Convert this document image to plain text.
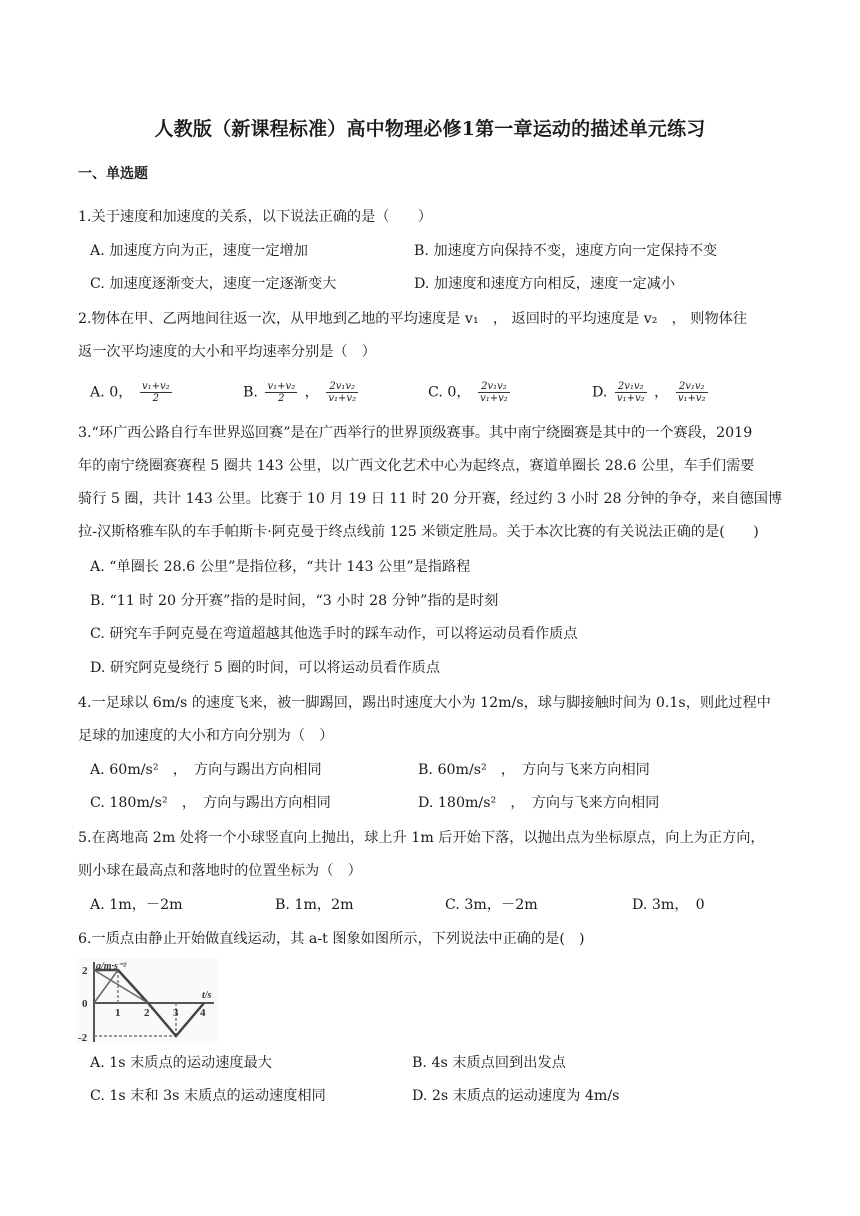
人教版（新课程标准）高中物理必修1第一章运动的描述单元练习
一、单选题
1.关于速度和加速度的关系，以下说法正确的是（　　）
A. 加速度方向为正，速度一定增加	B. 加速度方向保持不变，速度方向一定保持不变
C. 加速度逐渐变大，速度一定逐渐变大	D. 加速度和速度方向相反，速度一定减小
2.物体在甲、乙两地间往返一次，从甲地到乙地的平均速度是 v₁　， 返回时的平均速度是 v₂　， 则物体往
返一次平均速度的大小和平均速率分别是（　）
A. 0， $\frac{\text{v₁+v₂}}{2}$	B. $\frac{\text{v₁+v₂}}{2}$ ， $\frac{\text{2v₁v₂}}{\text{v₁+v₂}}$	C. 0， $\frac{\text{2v₁v₂}}{\text{v₁+v₂}}$	D. $\frac{\text{2v₁v₂}}{\text{v₁+v₂}}$ ， $\frac{\text{2v₁v₂}}{\text{v₁+v₂}}$
3.“环广西公路自行车世界巡回赛”是在广西举行的世界顶级赛事。其中南宁绕圈赛是其中的一个赛段，2019
年的南宁绕圈赛赛程 5 圈共 143 公里，以广西文化艺术中心为起终点，赛道单圈长 28.6 公里，车手们需要
骑行 5 圈，共计 143 公里。比赛于 10 月 19 日 11 时 20 分开赛，经过约 3 小时 28 分钟的争夺，来自德国博
拉-汉斯格雅车队的车手帕斯卡·阿克曼于终点线前 125 米锁定胜局。关于本次比赛的有关说法正确的是(　　)
A. “单圈长 28.6 公里”是指位移，“共计 143 公里”是指路程
B. “11 时 20 分开赛”指的是时间，“3 小时 28 分钟”指的是时刻
C. 研究车手阿克曼在弯道超越其他选手时的踩车动作，可以将运动员看作质点
D. 研究阿克曼绕行 5 圈的时间，可以将运动员看作质点
4.一足球以 6m/s 的速度飞来，被一脚踢回，踢出时速度大小为 12m/s，球与脚接触时间为 0.1s，则此过程中
足球的加速度的大小和方向分别为（　）
A. 60m/s²　，　方向与踢出方向相同	B. 60m/s²　，　方向与飞来方向相同
C. 180m/s²　，　方向与踢出方向相同	D. 180m/s²　，　方向与飞来方向相同
5.在离地高 2m 处将一个小球竖直向上抛出，球上升 1m 后开始下落，以抛出点为坐标原点，向上为正方向，
则小球在最高点和落地时的位置坐标为（　）
A. 1m，－2m	B. 1m，2m	C. 3m，－2m	D. 3m，　0
6.一质点由静止开始做直线运动，其 a-t 图象如图所示，下列说法中正确的是(　)
a/m·s⁻²
t/s
2
0
-2
1 2 3 4
A. 1s 末质点的运动速度最大	B. 4s 末质点回到出发点
C. 1s 末和 3s 末质点的运动速度相同	D. 2s 末质点的运动速度为 4m/s
